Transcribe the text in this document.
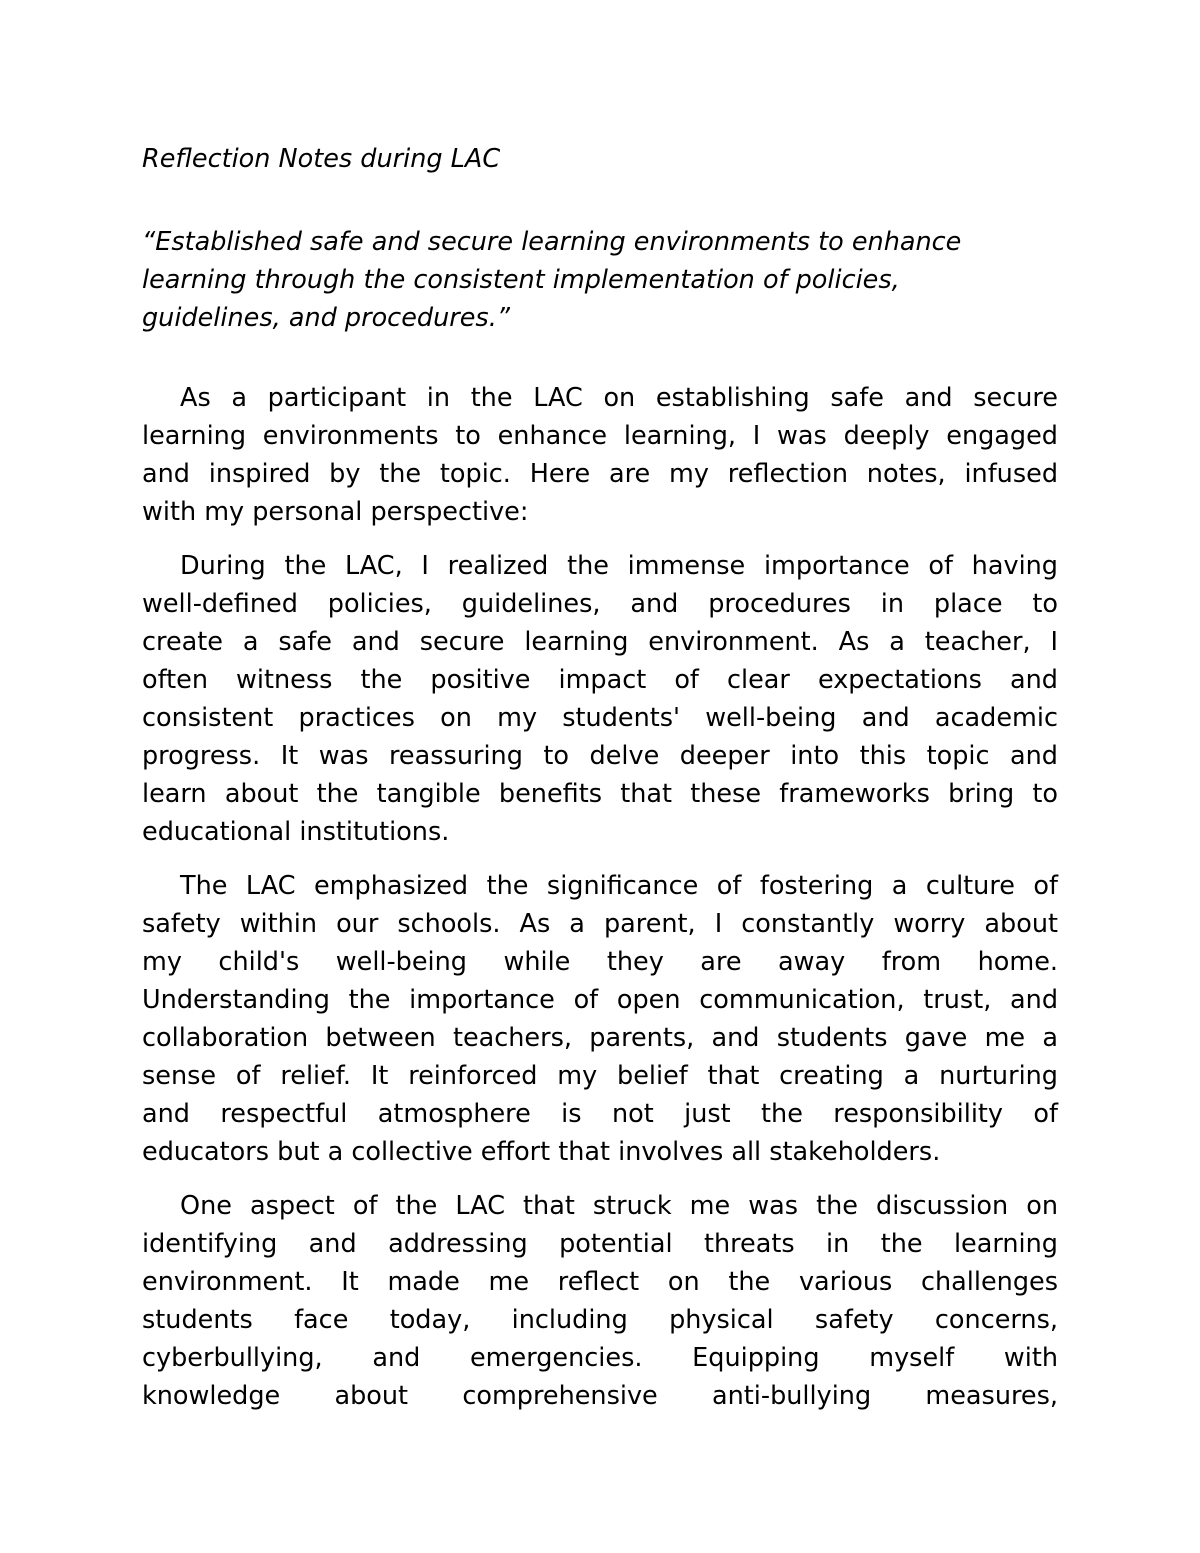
Reflection Notes during LAC
“Established safe and secure learning environments to enhance
learning through the consistent implementation of policies,
guidelines, and procedures.”
As a participant in the LAC on establishing safe and secure
learning environments to enhance learning, I was deeply engaged
and inspired by the topic. Here are my reflection notes, infused
with my personal perspective:
During the LAC, I realized the immense importance of having
well-defined policies, guidelines, and procedures in place to
create a safe and secure learning environment. As a teacher, I
often witness the positive impact of clear expectations and
consistent practices on my students' well-being and academic
progress. It was reassuring to delve deeper into this topic and
learn about the tangible benefits that these frameworks bring to
educational institutions.
The LAC emphasized the significance of fostering a culture of
safety within our schools. As a parent, I constantly worry about
my child's well-being while they are away from home.
Understanding the importance of open communication, trust, and
collaboration between teachers, parents, and students gave me a
sense of relief. It reinforced my belief that creating a nurturing
and respectful atmosphere is not just the responsibility of
educators but a collective effort that involves all stakeholders.
One aspect of the LAC that struck me was the discussion on
identifying and addressing potential threats in the learning
environment. It made me reflect on the various challenges
students face today, including physical safety concerns,
cyberbullying, and emergencies. Equipping myself with
knowledge about comprehensive anti-bullying measures,
